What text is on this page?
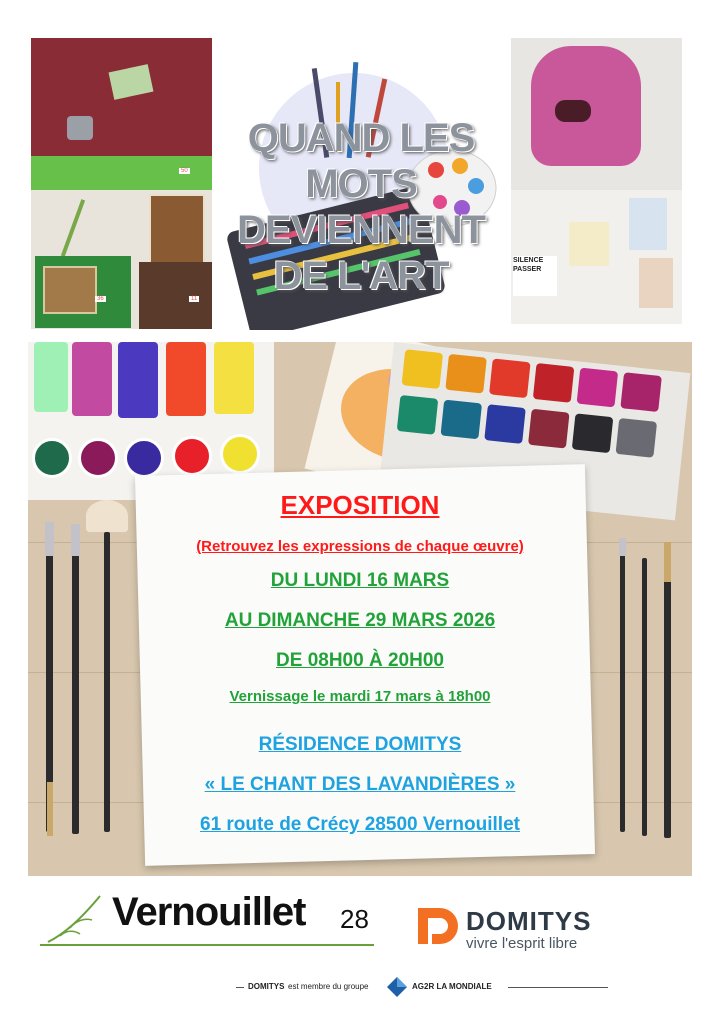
50
36	11
QUAND LES
MOTS
DEVIENNENT
DE L'ART	SILENCE PASSER
EXPOSITION
(Retrouvez les expressions de chaque œuvre)
DU LUNDI 16 MARS
AU DIMANCHE 29 MARS 2026
DE 08H00 À 20H00
Vernissage le mardi 17 mars à 18h00
RÉSIDENCE DOMITYS
« LE CHANT DES LAVANDIÈRES »
61 route de Crécy 28500 Vernouillet
Vernouillet 28	DOMITYS
vivre l'esprit libre
DOMITYS est membre du groupe	AG2R LA MONDIALE
